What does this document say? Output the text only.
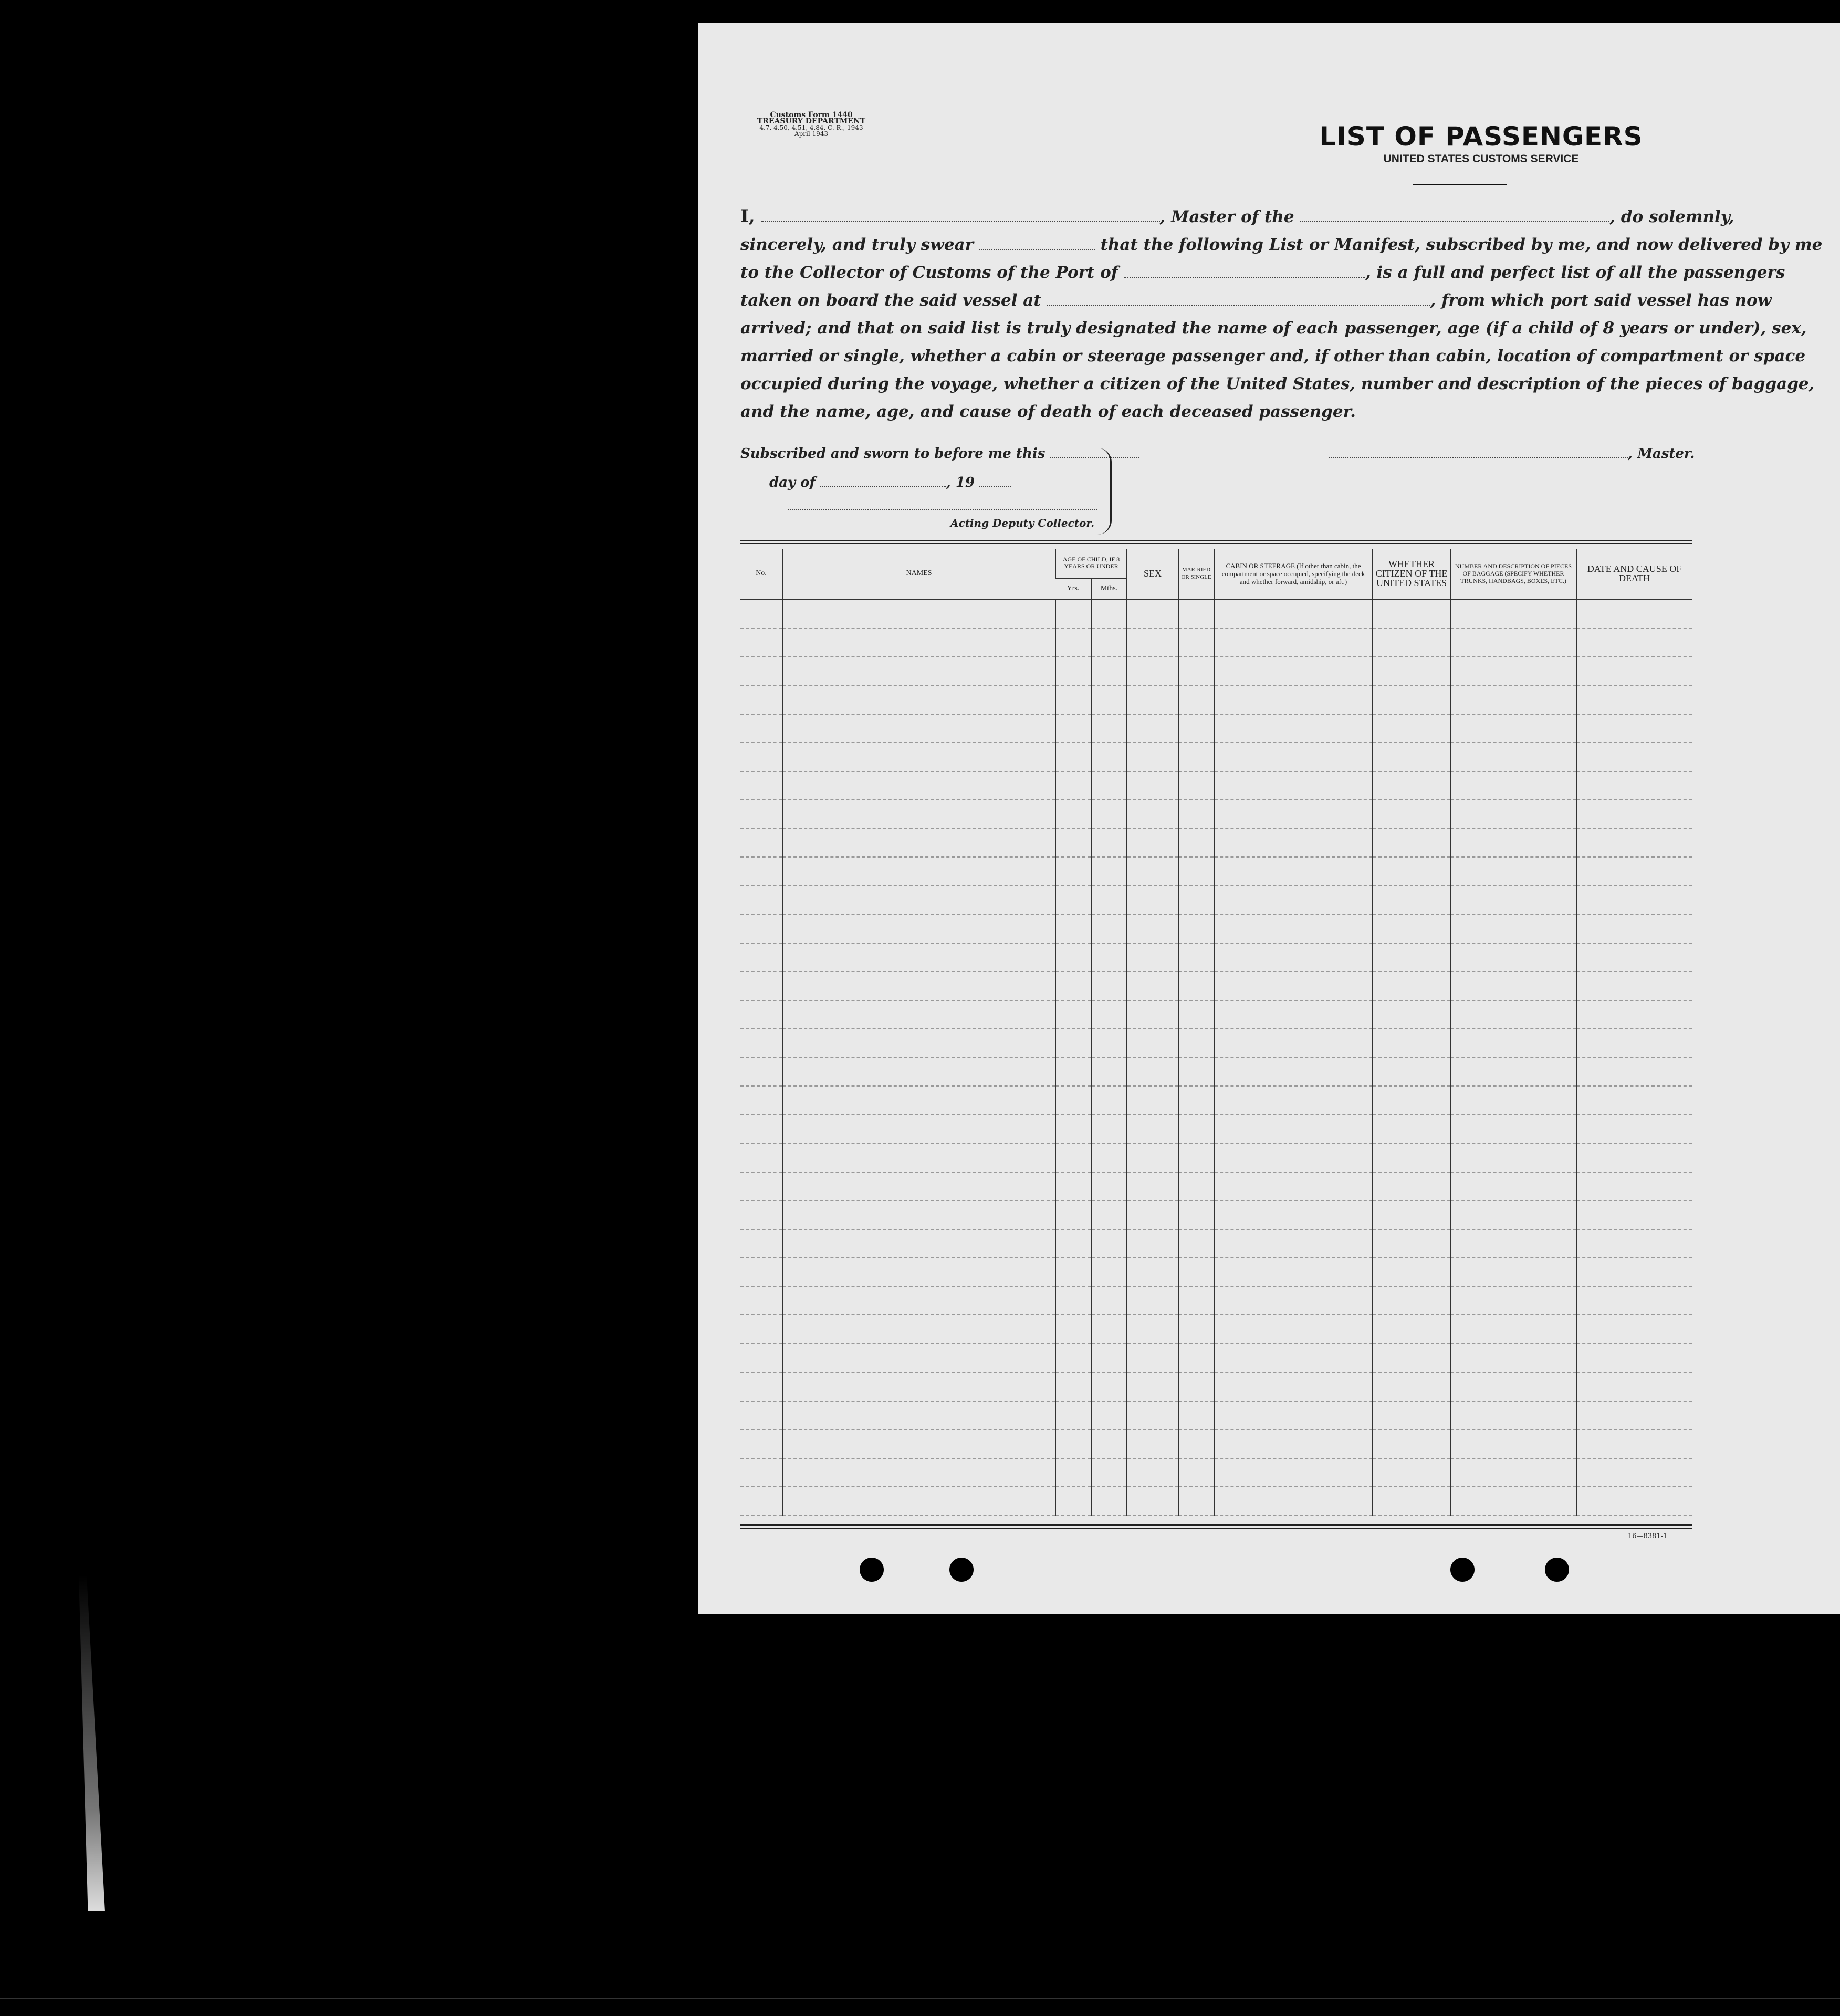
Customs Form 1440
TREASURY DEPARTMENT
4.7, 4.50, 4.51, 4.84, C. R., 1943
April 1943	LIST OF PASSENGERS
UNITED STATES CUSTOMS SERVICE
I,	, Master of the	, do solemnly,
sincerely, and truly swear	that the following List or Manifest, subscribed by me, and now delivered by me
to the Collector of Customs of the Port of	, is a full and perfect list of all the passengers
taken on board the said vessel at	, from which port said vessel has now
arrived; and that on said list is truly designated the name of each passenger, age (if a child of 8 years or under), sex,
married or single, whether a cabin or steerage passenger and, if other than cabin, location of compartment or space
occupied during the voyage, whether a citizen of the United States, number and description of the pieces of baggage,
and the name, age, and cause of death of each deceased passenger.
Subscribed and sworn to before me this
day of	, 19
Acting Deputy Collector.
, Master.
No.	NAMES	AGE OF CHILD, IF 8 YEARS OR UNDER		SEX	MAR-RIED OR SINGLE	CABIN OR STEERAGE (If other than cabin, the compartment or space occupied, specifying the deck and whether forward, amidship, or aft.)	WHETHER CITIZEN OF THE UNITED STATES	NUMBER AND DESCRIPTION OF PIECES OF BAGGAGE (SPECIFY WHETHER TRUNKS, HANDBAGS, BOXES, ETC.)	DATE AND CAUSE OF DEATH
		Yrs.	Mths.						

16—8381-1
